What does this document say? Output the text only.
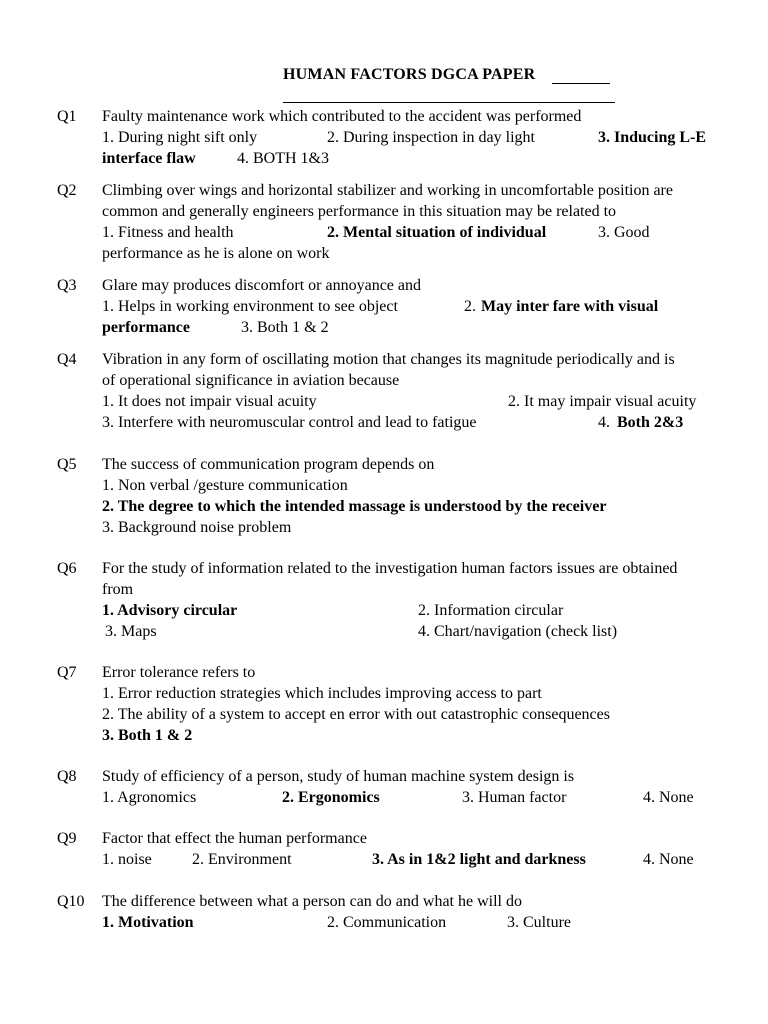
HUMAN FACTORS DGCA PAPER
Q1 Faulty maintenance work which contributed to the accident was performed
1. During night sift only	2. During inspection in day light	3. Inducing L-E
interface flaw	4. BOTH 1&3
Q2 Climbing over wings and horizontal stabilizer and working in uncomfortable position are
common and generally engineers performance in this situation may be related to
1. Fitness and health	2. Mental situation of individual	3. Good
performance as he is alone on work
Q3 Glare may produces discomfort or annoyance and
1. Helps in working environment to see object	2. May inter fare with visual
performance	3. Both 1 & 2
Q4 Vibration in any form of oscillating motion that changes its magnitude periodically and is
of operational significance in aviation because
1. It does not impair visual acuity	2. It may impair visual acuity
3. Interfere with neuromuscular control and lead to fatigue	4. Both 2&3
Q5 The success of communication program depends on
1. Non verbal /gesture communication
2. The degree to which the intended massage is understood by the receiver
3. Background noise problem
Q6 For the study of information related to the investigation human factors issues are obtained
from
1. Advisory circular	2. Information circular
3. Maps	4. Chart/navigation (check list)
Q7 Error tolerance refers to
1. Error reduction strategies which includes improving access to part
2. The ability of a system to accept en error with out catastrophic consequences
3. Both 1 & 2
Q8 Study of efficiency of a person, study of human machine system design is
1. Agronomics	2. Ergonomics	3. Human factor	4. None
Q9 Factor that effect the human performance
1. noise	2. Environment	3. As in 1&2 light and darkness	4. None
Q10 The difference between what a person can do and what he will do
1. Motivation	2. Communication	3. Culture
